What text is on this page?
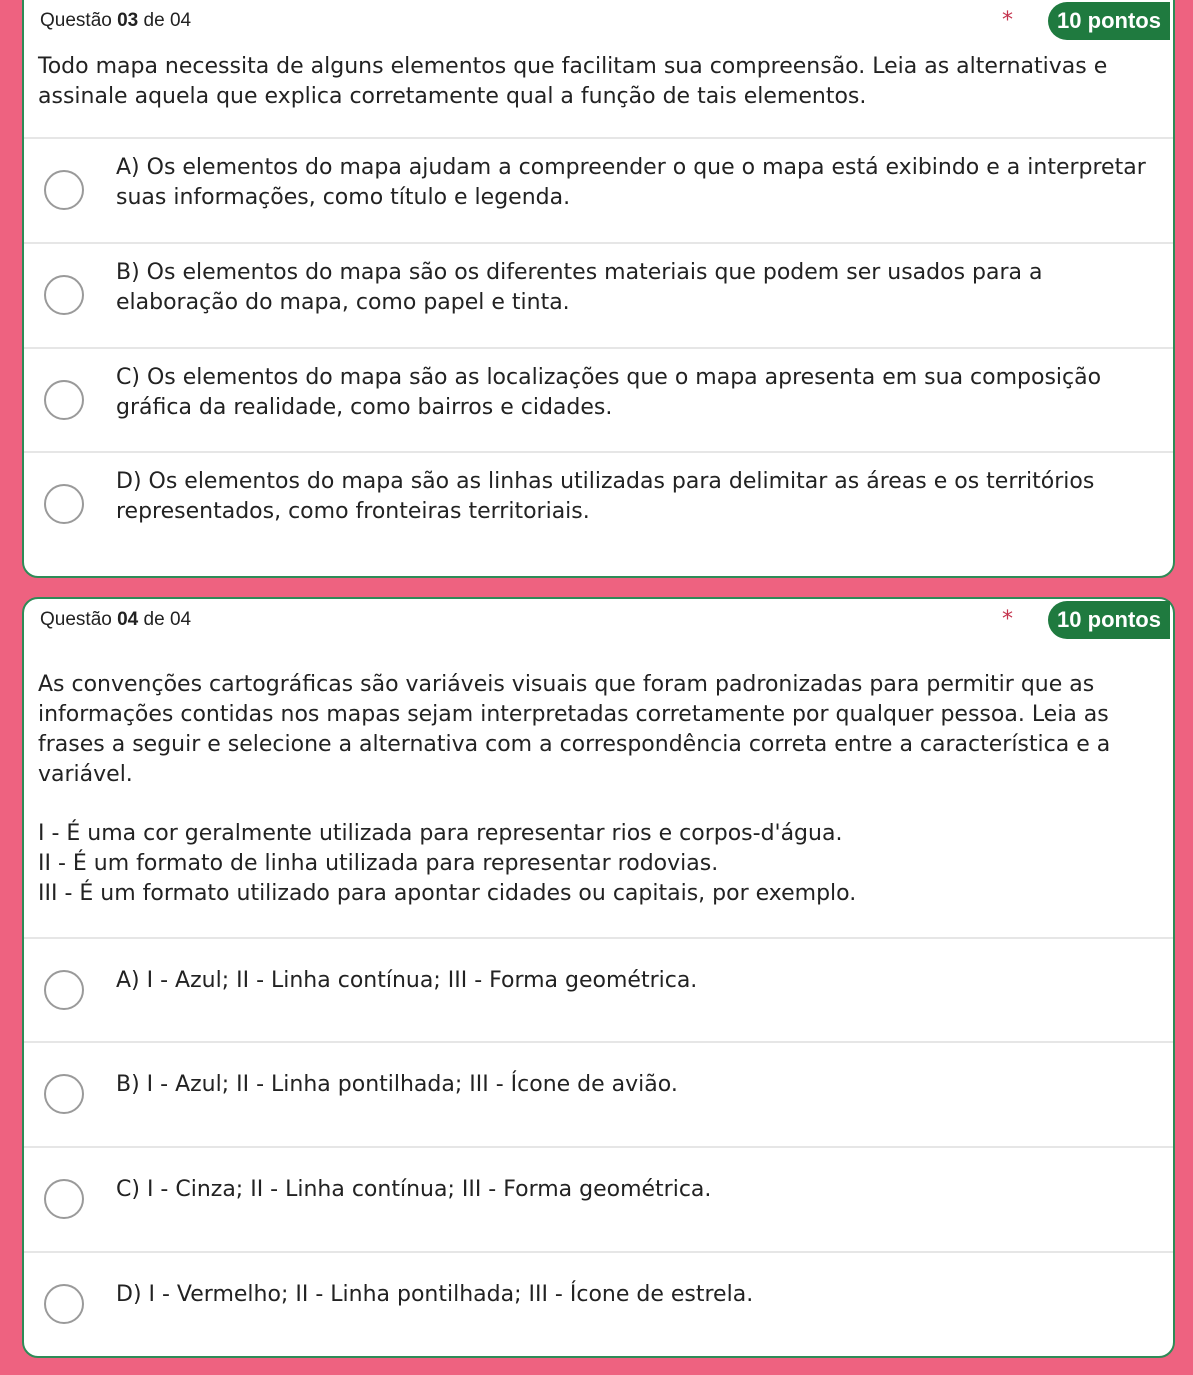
Questão 03 de 04	*	10 pontos

Todo mapa necessita de alguns elementos que facilitam sua compreensão. Leia as alternativas e assinale aquela que explica corretamente qual a função de tais elementos.

A) Os elementos do mapa ajudam a compreender o que o mapa está exibindo e a interpretar suas informações, como título e legenda.
B) Os elementos do mapa são os diferentes materiais que podem ser usados para a elaboração do mapa, como papel e tinta.
C) Os elementos do mapa são as localizações que o mapa apresenta em sua composição gráfica da realidade, como bairros e cidades.
D) Os elementos do mapa são as linhas utilizadas para delimitar as áreas e os territórios representados, como fronteiras territoriais.
Questão 04 de 04	*	10 pontos

As convenções cartográficas são variáveis visuais que foram padronizadas para permitir que as informações contidas nos mapas sejam interpretadas corretamente por qualquer pessoa. Leia as frases a seguir e selecione a alternativa com a correspondência correta entre a característica e a variável.

I - É uma cor geralmente utilizada para representar rios e corpos-d'água.
II - É um formato de linha utilizada para representar rodovias.
III - É um formato utilizado para apontar cidades ou capitais, por exemplo.
A) I - Azul; II - Linha contínua; III - Forma geométrica.
B) I - Azul; II - Linha pontilhada; III - Ícone de avião.
C) I - Cinza; II - Linha contínua; III - Forma geométrica.
D) I - Vermelho; II - Linha pontilhada; III - Ícone de estrela.
